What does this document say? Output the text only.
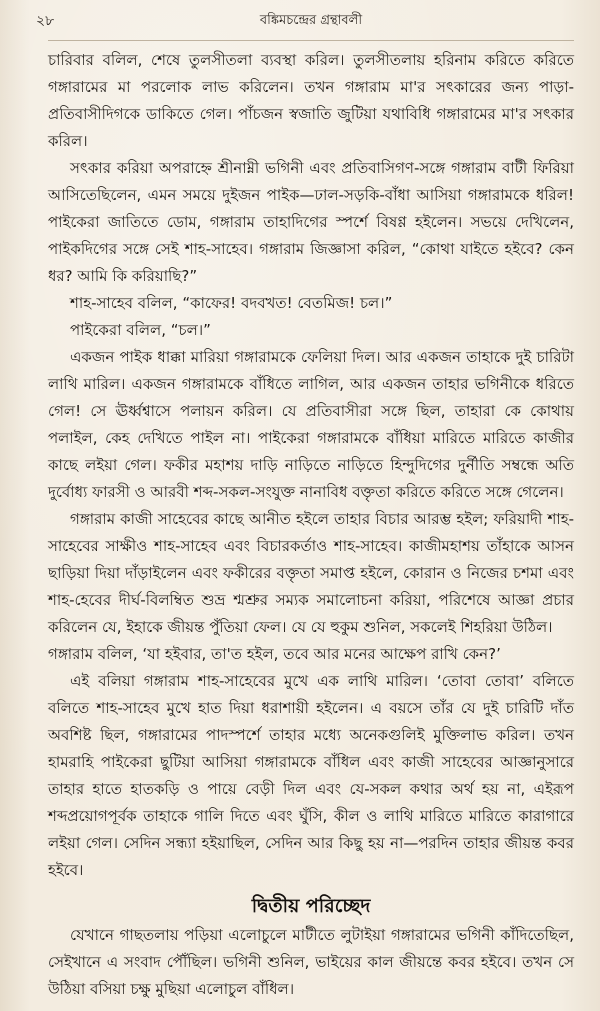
২৮	বঙ্কিমচন্দ্রের গ্রন্থাবলী

চারিবার বলিল, শেষে তুলসীতলা ব্যবস্থা করিল। তুলসীতলায় হরিনাম করিতে করিতে গঙ্গারামের মা পরলোক লাভ করিলেন। তখন গঙ্গারাম মা'র সৎকারের জন্য পাড়া-প্রতিবাসীদিগকে ডাকিতে গেল। পাঁচজন স্বজাতি জুটিয়া যথাবিধি গঙ্গারামের মা'র সৎকার করিল।

সৎকার করিয়া অপরাহ্নে শ্রীনাম্নী ভগিনী এবং প্রতিবাসিগণ-সঙ্গে গঙ্গারাম বাটী ফিরিয়া আসিতেছিলেন, এমন সময়ে দুইজন পাইক—ঢাল-সড়কি-বাঁধা আসিয়া গঙ্গারামকে ধরিল! পাইকেরা জাতিতে ডোম, গঙ্গারাম তাহাদিগের স্পর্শে বিষণ্ণ হইলেন। সভয়ে দেখিলেন, পাইকদিগের সঙ্গে সেই শাহ-সাহেব। গঙ্গারাম জিজ্ঞাসা করিল, “কোথা যাইতে হইবে? কেন ধর? আমি কি করিয়াছি?”

শাহ-সাহেব বলিল, “কাফের! বদবখত! বেতমিজ! চল।”

পাইকেরা বলিল, “চল।”

একজন পাইক ধাক্কা মারিয়া গঙ্গারামকে ফেলিয়া দিল। আর একজন তাহাকে দুই চারিটা লাথি মারিল। একজন গঙ্গারামকে বাঁধিতে লাগিল, আর একজন তাহার ভগিনীকে ধরিতে গেল! সে ঊর্ধ্বশ্বাসে পলায়ন করিল। যে প্রতিবাসীরা সঙ্গে ছিল, তাহারা কে কোথায় পলাইল, কেহ দেখিতে পাইল না। পাইকেরা গঙ্গারামকে বাঁধিয়া মারিতে মারিতে কাজীর কাছে লইয়া গেল। ফকীর মহাশয় দাড়ি নাড়িতে নাড়িতে হিন্দুদিগের দুর্নীতি সম্বন্ধে অতি দুর্বোধ্য ফারসী ও আরবী শব্দ-সকল-সংযুক্ত নানাবিধ বক্তৃতা করিতে করিতে সঙ্গে গেলেন।

গঙ্গারাম কাজী সাহেবের কাছে আনীত হইলে তাহার বিচার আরম্ভ হইল; ফরিয়াদী শাহ-সাহেবের সাক্ষীও শাহ-সাহেব এবং বিচারকর্তাও শাহ-সাহেব। কাজীমহাশয় তাঁহাকে আসন ছাড়িয়া দিয়া দাঁড়াইলেন এবং ফকীরের বক্তৃতা সমাপ্ত হইলে, কোরান ও নিজের চশমা এবং শাহ-হেবের দীর্ঘ-বিলম্বিত শুভ্র শ্মশ্রুর সম্যক সমালোচনা করিয়া, পরিশেষে আজ্ঞা প্রচার করিলেন যে, ইহাকে জীয়ন্ত পুঁতিয়া ফেল। যে যে হুকুম শুনিল, সকলেই শিহরিয়া উঠিল।

গঙ্গারাম বলিল, ‘যা হইবার, তা'ত হইল, তবে আর মনের আক্ষেপ রাখি কেন?’

এই বলিয়া গঙ্গারাম শাহ-সাহেবের মুখে এক লাথি মারিল। ‘তোবা তোবা’ বলিতে বলিতে শাহ-সাহেব মুখে হাত দিয়া ধরাশায়ী হইলেন। এ বয়সে তাঁর যে দুই চারিটি দাঁত অবশিষ্ট ছিল, গঙ্গারামের পাদস্পর্শে তাহার মধ্যে অনেকগুলিই মুক্তিলাভ করিল। তখন হামরাহি পাইকেরা ছুটিয়া আসিয়া গঙ্গারামকে বাঁধিল এবং কাজী সাহেবের আজ্ঞানুসারে তাহার হাতে হাতকড়ি ও পায়ে বেড়ী দিল এবং যে-সকল কথার অর্থ হয় না, এইরূপ শব্দপ্রয়োগপূর্বক তাহাকে গালি দিতে এবং ঘুঁসি, কীল ও লাথি মারিতে মারিতে কারাগারে লইয়া গেল। সেদিন সন্ধ্যা হইয়াছিল, সেদিন আর কিছু হয় না—পরদিন তাহার জীয়ন্ত কবর হইবে।

দ্বিতীয় পরিচ্ছেদ

যেখানে গাছতলায় পড়িয়া এলোচুলে মাটীতে লুটাইয়া গঙ্গারামের ভগিনী কাঁদিতেছিল, সেইখানে এ সংবাদ পৌঁছিল। ভগিনী শুনিল, ভাইয়ের কাল জীয়ন্তে কবর হইবে। তখন সে উঠিয়া বসিয়া চক্ষু মুছিয়া এলোচুল বাঁধিল।
